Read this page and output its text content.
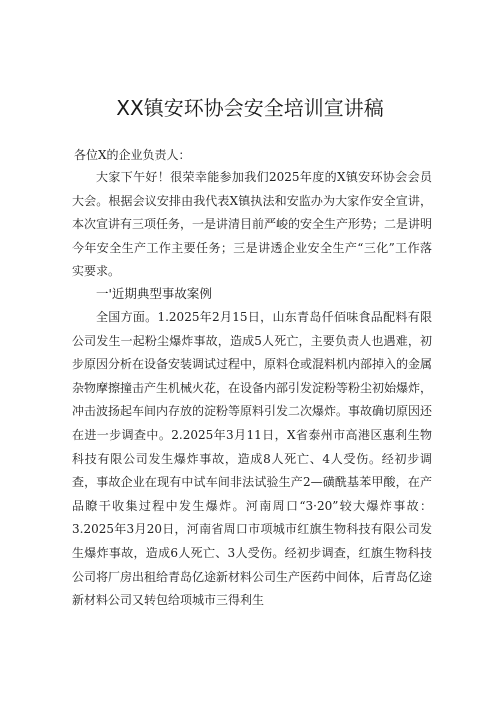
XX镇安环协会安全培训宣讲稿
各位X的企业负责人：
大家下午好！很荣幸能参加我们2025年度的X镇安环协会会员大会。根据会议安排由我代表X镇执法和安监办为大家作安全宣讲，本次宣讲有三项任务，一是讲清目前严峻的安全生产形势；二是讲明今年安全生产工作主要任务；三是讲透企业安全生产“三化”工作落实要求。
一'近期典型事故案例
全国方面。1.2025年2月15日，山东青岛仟佰味食品配料有限公司发生一起粉尘爆炸事故，造成5人死亡，主要负责人也遇难，初步原因分析在设备安装调试过程中，原料仓或混料机内部掉入的金属杂物摩擦撞击产生机械火花，在设备内部引发淀粉等粉尘初始爆炸，冲击波扬起车间内存放的淀粉等原料引发二次爆炸。事故确切原因还在进一步调查中。2.2025年3月11日，X省泰州市高港区惠利生物科技有限公司发生爆炸事故，造成8人死亡、4人受伤。经初步调查，事故企业在现有中试车间非法试验生产2—磺酰基苯甲酸，在产品瞭干收集过程中发生爆炸。河南周口“3·20”较大爆炸事故：3.2025年3月20日，河南省周口市项城市红旗生物科技有限公司发生爆炸事故，造成6人死亡、3人受伤。经初步调查，红旗生物科技公司将厂房出租给青岛亿途新材料公司生产医药中间体，后青岛亿途新材料公司又转包给项城市三得利生
